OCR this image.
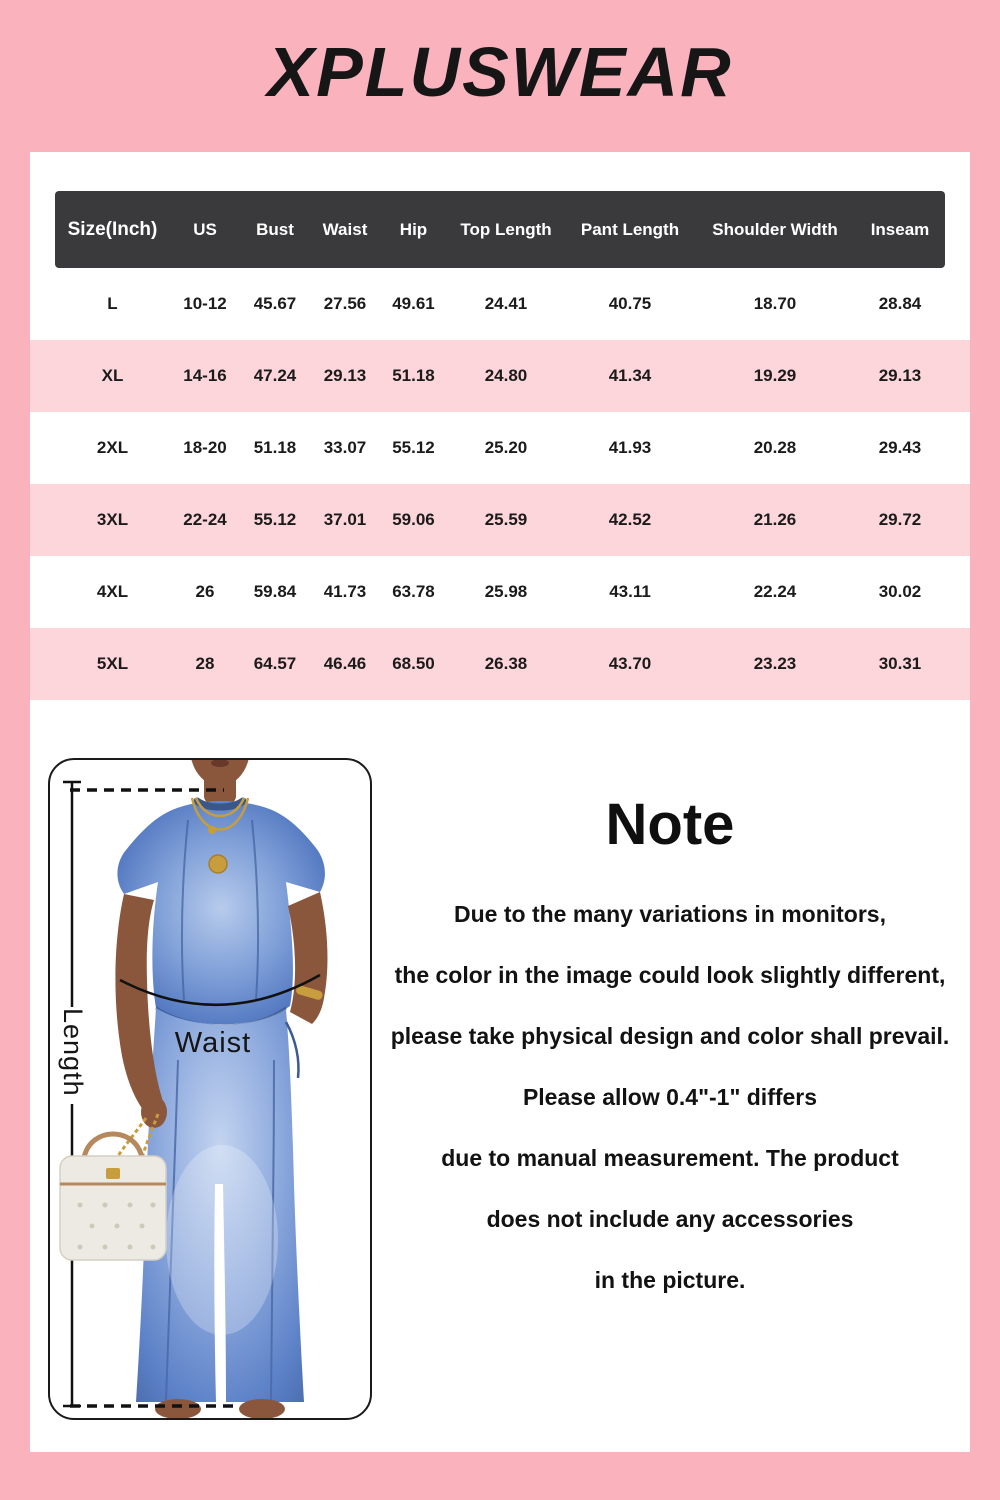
XPLUSWEAR
Size(Inch)	US	Bust	Waist	Hip	Top Length	Pant Length	Shoulder Width	Inseam
L	10-12	45.67	27.56	49.61	24.41	40.75	18.70	28.84
XL	14-16	47.24	29.13	51.18	24.80	41.34	19.29	29.13
2XL	18-20	51.18	33.07	55.12	25.20	41.93	20.28	29.43
3XL	22-24	55.12	37.01	59.06	25.59	42.52	21.26	29.72
4XL	26	59.84	41.73	63.78	25.98	43.11	22.24	30.02
5XL	28	64.57	46.46	68.50	26.38	43.70	23.23	30.31
Length	Waist
Note

Due to the many variations in monitors,

the color in the image could look slightly different,

please take physical design and color shall prevail.

Please allow 0.4"-1" differs

due to manual measurement. The product

does not include any accessories

in the picture.
